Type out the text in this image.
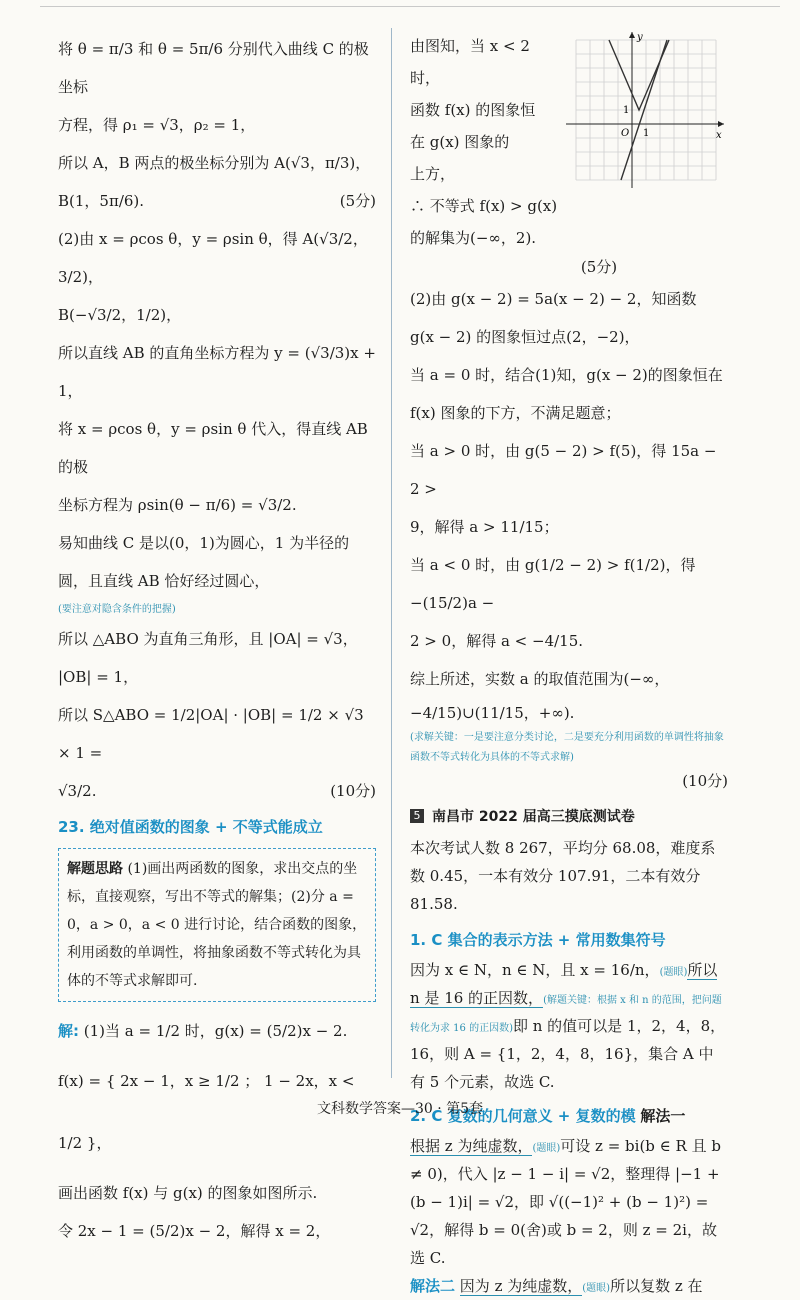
将 θ = π/3 和 θ = 5π/6 分别代入曲线 C 的极坐标

方程，得 ρ₁ = √3，ρ₂ = 1，

所以 A，B 两点的极坐标分别为 A(√3，π/3)，

B(1，5π/6).	(5分)

(2)由 x = ρcos θ，y = ρsin θ，得 A(√3/2，3/2)，

B(−√3/2，1/2)，

所以直线 AB 的直角坐标方程为 y = (√3/3)x + 1，

将 x = ρcos θ，y = ρsin θ 代入，得直线 AB 的极

坐标方程为 ρsin(θ − π/6) = √3/2.

易知曲线 C 是以(0，1)为圆心，1 为半径的

圆，且直线 AB 恰好经过圆心，

(要注意对隐含条件的把握)

所以 △ABO 为直角三角形，且 |OA| = √3，

|OB| = 1，

所以 S△ABO = 1/2|OA| · |OB| = 1/2 × √3 × 1 =

√3/2.	(10分)

23. 绝对值函数的图象 + 不等式能成立

解题思路 (1)画出两函数的图象，求出交点的坐标，直接观察，写出不等式的解集；(2)分 a = 0，a > 0，a < 0 进行讨论，结合函数的图象，利用函数的单调性，将抽象函数不等式转化为具体的不等式求解即可.

解: (1)当 a = 1/2 时，g(x) = (5/2)x − 2.

f(x) = { 2x − 1，x ≥ 1/2 ； 1 − 2x，x < 1/2 }，

画出函数 f(x) 与 g(x) 的图象如图所示.

令 2x − 1 = (5/2)x − 2，解得 x = 2，

由图知，当 x < 2 时，

函数 f(x) 的图象恒

在 g(x) 图象的

上方，

∴ 不等式 f(x) > g(x)

的解集为(−∞，2).

y
x
O 1
1

(5分)

(2)由 g(x − 2) = 5a(x − 2) − 2，知函数

g(x − 2) 的图象恒过点(2，−2)，

当 a = 0 时，结合(1)知，g(x − 2)的图象恒在

f(x) 图象的下方，不满足题意；

当 a > 0 时，由 g(5 − 2) > f(5)，得 15a − 2 >

9，解得 a > 11/15；

当 a < 0 时，由 g(1/2 − 2) > f(1/2)，得 −(15/2)a −

2 > 0，解得 a < −4/15.

综上所述，实数 a 的取值范围为(−∞，

−4/15)∪(11/15，+∞).

(求解关键：一是要注意分类讨论，二是要充分利用函数的单调性将抽象函数不等式转化为具体的不等式求解)

(10分)

5 南昌市 2022 届高三摸底测试卷

本次考试人数 8 267，平均分 68.08，难度系数 0.45，一本有效分 107.91，二本有效分 81.58.

1. C 集合的表示方法 + 常用数集符号

因为 x ∈ N，n ∈ N，且 x = 16/n，(题眼)所以 n 是 16 的正因数，(解题关键：根据 x 和 n 的范围，把问题转化为求 16 的正因数)即 n 的值可以是 1，2，4，8，16，则 A = {1，2，4，8，16}，集合 A 中有 5 个元素，故选 C.

2. C 复数的几何意义 + 复数的模 解法一

根据 z 为纯虚数，(题眼)可设 z = bi(b ∈ R 且 b ≠ 0)，代入 |z − 1 − i| = √2，整理得 |−1 + (b − 1)i| = √2，即 √((−1)² + (b − 1)²) = √2，解得 b = 0(舍)或 b = 2，则 z = 2i，故选 C.

解法二 因为 z 为纯虚数，(题眼)所以复数 z 在

文科数学答案—30 · 第5套
